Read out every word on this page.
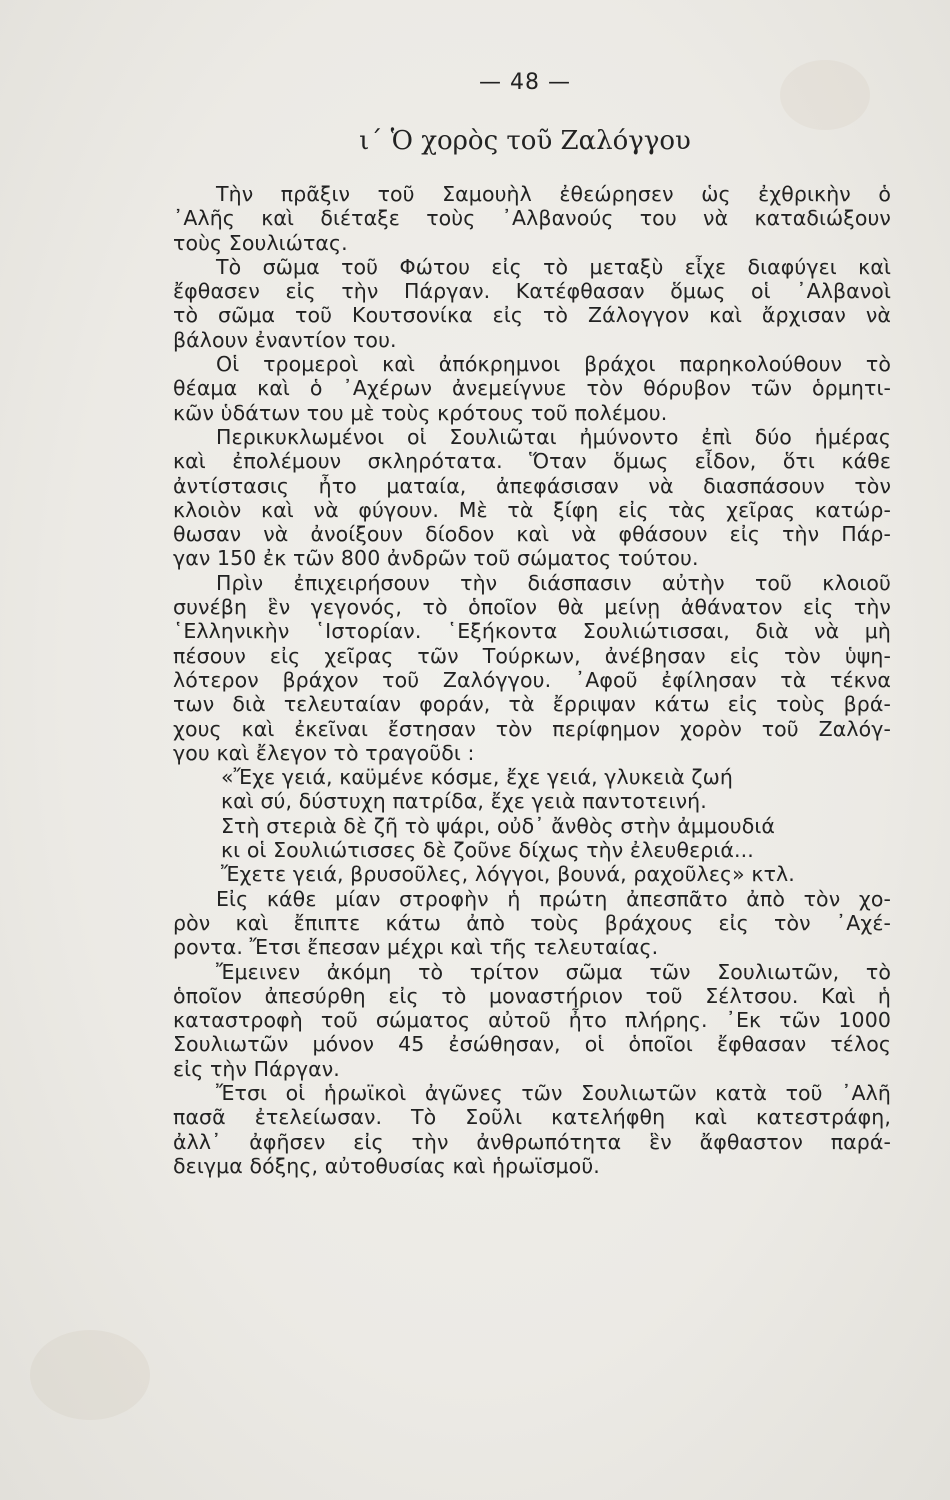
— 48 —
ι΄ Ὁ χορὸς τοῦ Ζαλόγγου
Τὴν πρᾶξιν τοῦ Σαμουὴλ ἐθεώρησεν ὡς ἐχθρικὴν ὁ
᾿Αλῆς καὶ διέταξε τοὺς ᾿Αλβανούς του νὰ καταδιώξουν
τοὺς Σουλιώτας.
Τὸ σῶμα τοῦ Φώτου εἰς τὸ μεταξὺ εἶχε διαφύγει καὶ
ἔφθασεν εἰς τὴν Πάργαν. Κατέφθασαν ὅμως οἱ ᾿Αλβανοὶ
τὸ σῶμα τοῦ Κουτσονίκα εἰς τὸ Ζάλογγον καὶ ἄρχισαν νὰ
βάλουν ἐναντίον του.
Οἱ τρομεροὶ καὶ ἀπόκρημνοι βράχοι παρηκολούθουν τὸ
θέαμα καὶ ὁ ᾿Αχέρων ἀνεμείγνυε τὸν θόρυβον τῶν ὁρμητι-
κῶν ὑδάτων του μὲ τοὺς κρότους τοῦ πολέμου.
Περικυκλωμένοι οἱ Σουλιῶται ἠμύνοντο ἐπὶ δύο ἡμέρας
καὶ ἐπολέμουν σκληρότατα. Ὅταν ὅμως εἶδον, ὅτι κάθε
ἀντίστασις ἦτο ματαία, ἀπεφάσισαν νὰ διασπάσουν τὸν
κλοιὸν καὶ νὰ φύγουν. Μὲ τὰ ξίφη εἰς τὰς χεῖρας κατώρ-
θωσαν νὰ ἀνοίξουν δίοδον καὶ νὰ φθάσουν εἰς τὴν Πάρ-
γαν 150 ἐκ τῶν 800 ἀνδρῶν τοῦ σώματος τούτου.
Πρὶν ἐπιχειρήσουν τὴν διάσπασιν αὐτὴν τοῦ κλοιοῦ
συνέβη ἓν γεγονός, τὸ ὁποῖον θὰ μείνῃ ἀθάνατον εἰς τὴν
῾Ελληνικὴν ῾Ιστορίαν. ῾Εξήκοντα Σουλιώτισσαι, διὰ νὰ μὴ
πέσουν εἰς χεῖρας τῶν Τούρκων, ἀνέβησαν εἰς τὸν ὑψη-
λότερον βράχον τοῦ Ζαλόγγου. ᾿Αφοῦ ἐφίλησαν τὰ τέκνα
των διὰ τελευταίαν φοράν, τὰ ἔρριψαν κάτω εἰς τοὺς βρά-
χους καὶ ἐκεῖναι ἔστησαν τὸν περίφημον χορὸν τοῦ Ζαλόγ-
γου καὶ ἔλεγον τὸ τραγοῦδι :
«Ἔχε γειά, καϋμένε κόσμε, ἔχε γειά, γλυκειὰ ζωή
καὶ σύ, δύστυχη πατρίδα, ἔχε γειὰ παντοτεινή.
Στὴ στεριὰ δὲ ζῆ τὸ ψάρι, οὐδ᾿ ἄνθὸς στὴν ἀμμουδιά
κι οἱ Σουλιώτισσες δὲ ζοῦνε δίχως τὴν ἐλευθεριά...
Ἔχετε γειά, βρυσοῦλες, λόγγοι, βουνά, ραχοῦλες» κτλ.
Εἰς κάθε μίαν στροφὴν ἡ πρώτη ἀπεσπᾶτο ἀπὸ τὸν χο-
ρὸν καὶ ἔπιπτε κάτω ἀπὸ τοὺς βράχους εἰς τὸν ᾿Αχέ-
ροντα. Ἔτσι ἔπεσαν μέχρι καὶ τῆς τελευταίας.
Ἔμεινεν ἀκόμη τὸ τρίτον σῶμα τῶν Σουλιωτῶν, τὸ
ὁποῖον ἀπεσύρθη εἰς τὸ μοναστήριον τοῦ Σέλτσου. Καὶ ἡ
καταστροφὴ τοῦ σώματος αὐτοῦ ἦτο πλήρης. ᾿Εκ τῶν 1000
Σουλιωτῶν μόνον 45 ἐσώθησαν, οἱ ὁποῖοι ἔφθασαν τέλος
εἰς τὴν Πάργαν.
Ἔτσι οἱ ἡρωϊκοὶ ἀγῶνες τῶν Σουλιωτῶν κατὰ τοῦ ᾿Αλῆ
πασᾶ ἐτελείωσαν. Τὸ Σοῦλι κατελήφθη καὶ κατεστράφη,
ἀλλ᾿ ἀφῆσεν εἰς τὴν ἀνθρωπότητα ἓν ἄφθαστον παρά-
δειγμα δόξης, αὐτοθυσίας καὶ ἡρωϊσμοῦ.
